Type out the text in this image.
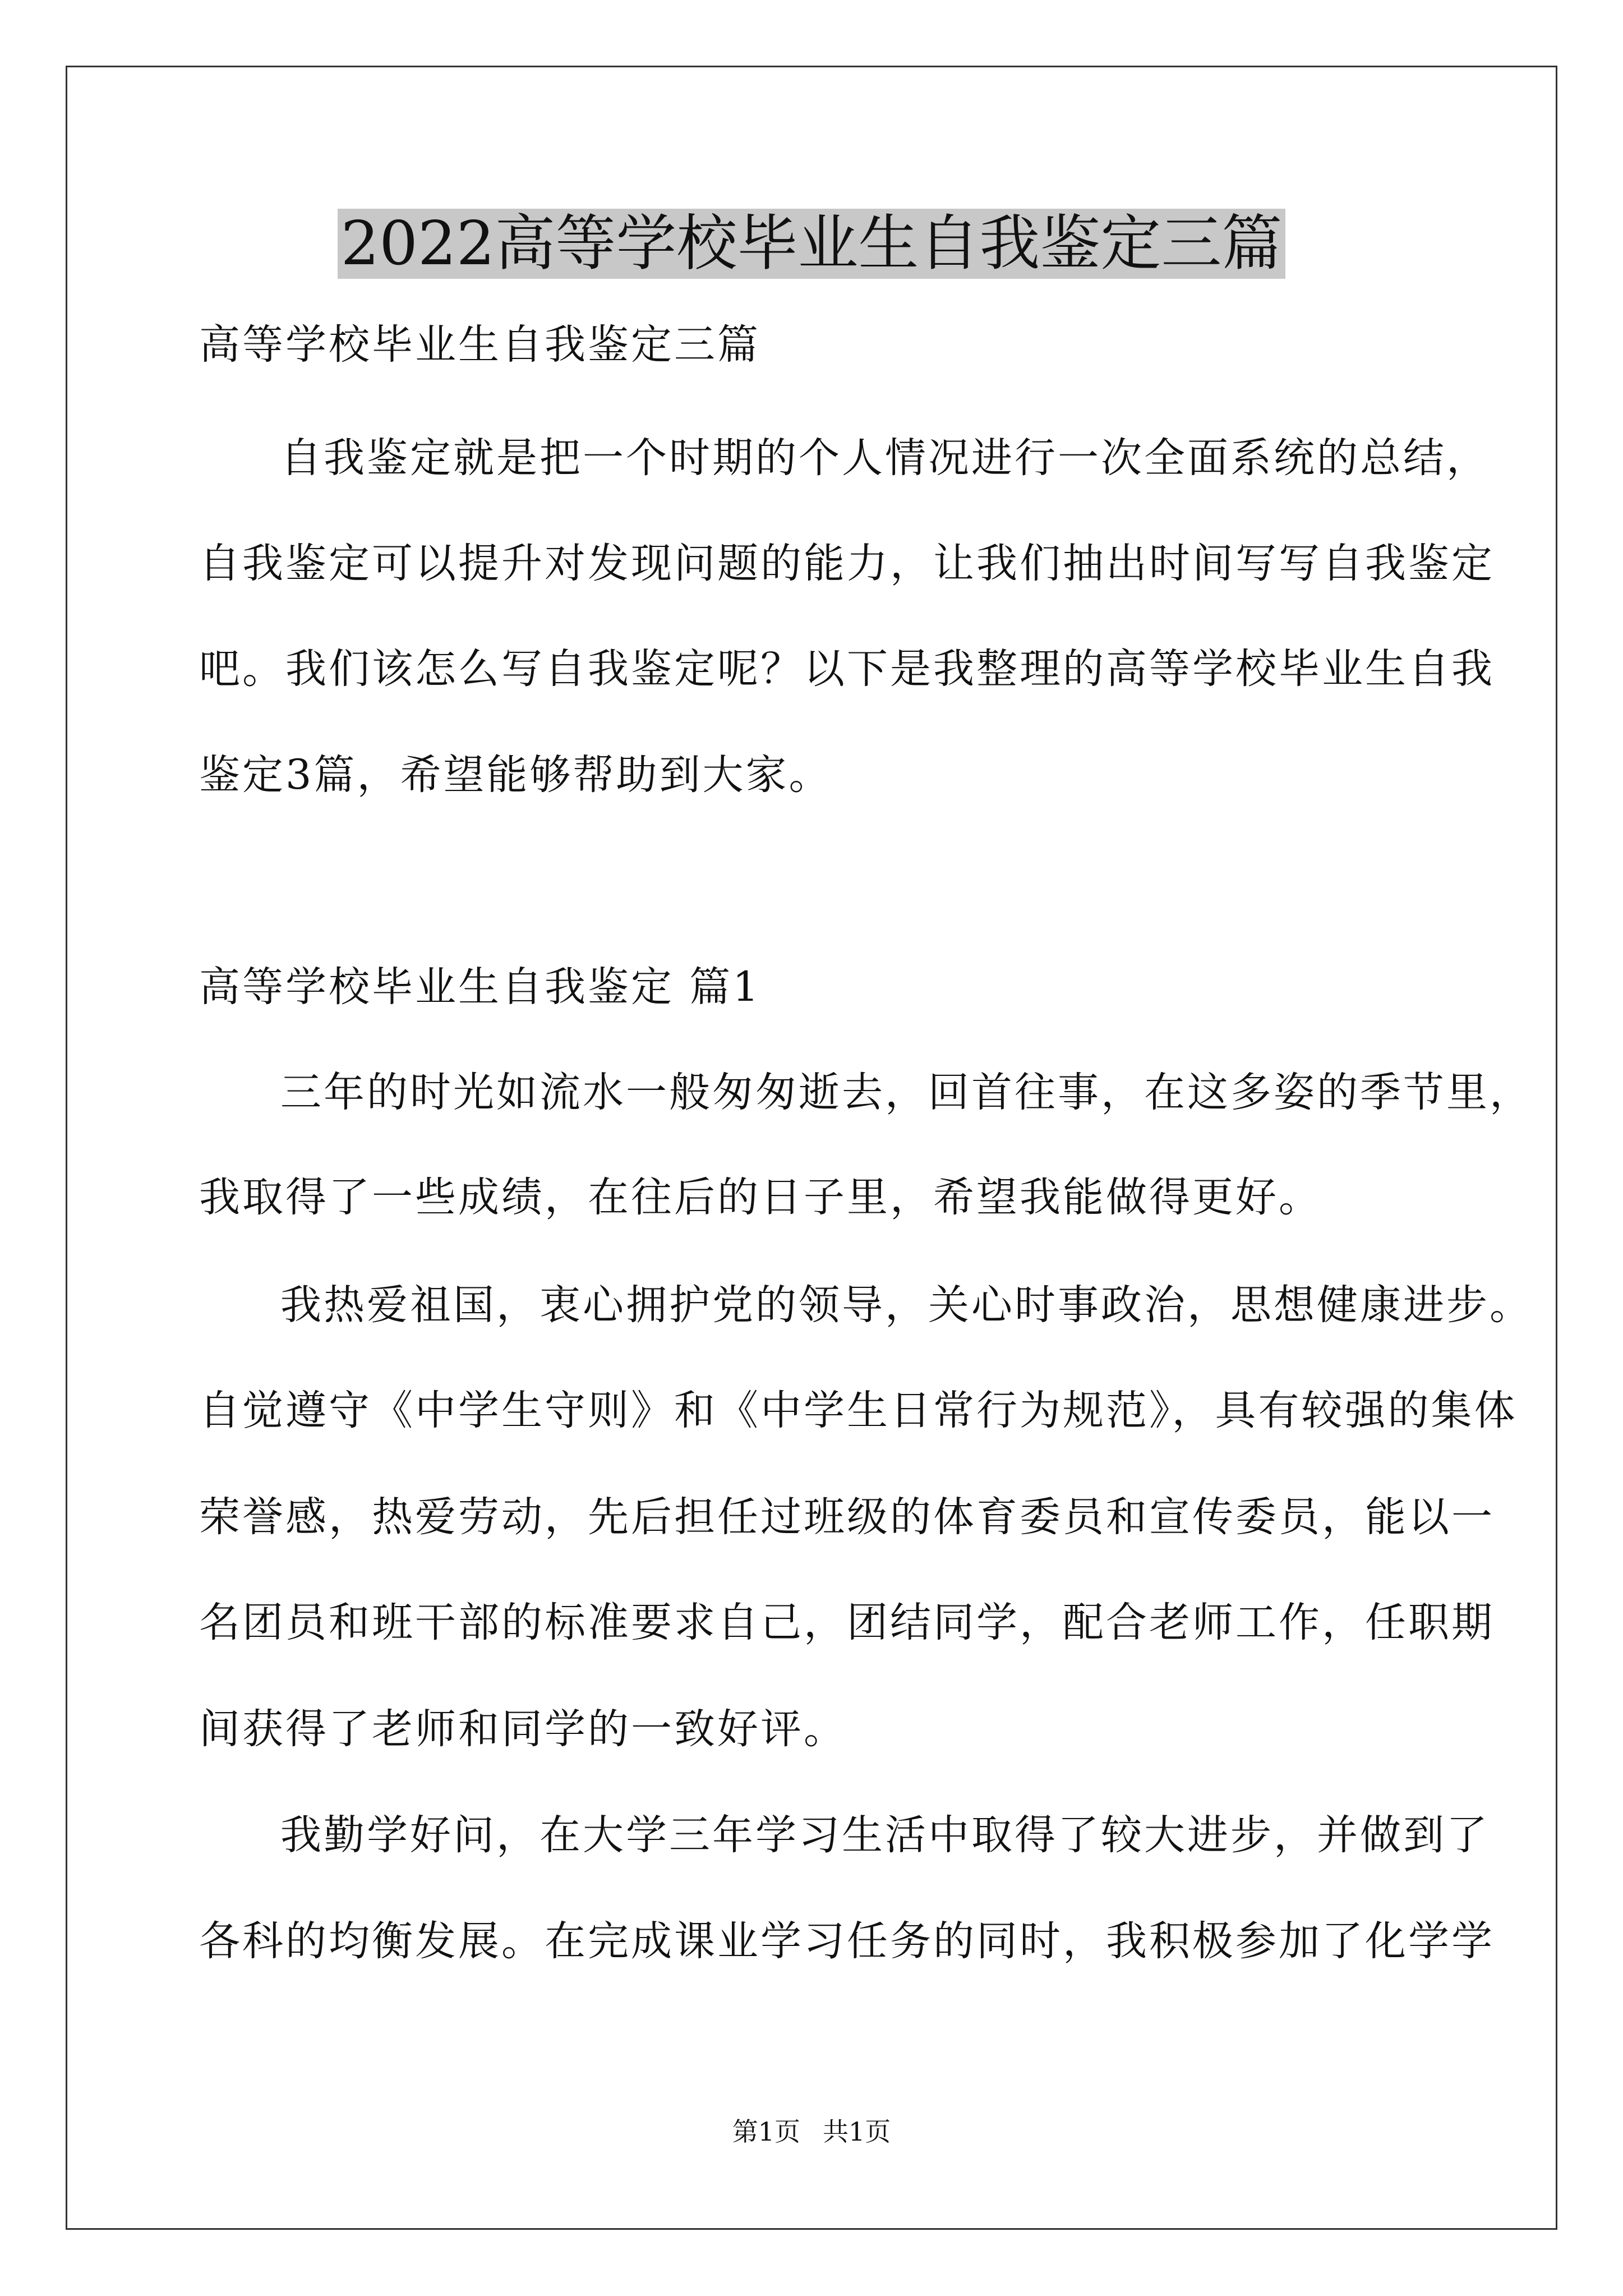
2022高等学校毕业生自我鉴定三篇
高等学校毕业生自我鉴定三篇
自我鉴定就是把一个时期的个人情况进行一次全面系统的总结，
自我鉴定可以提升对发现问题的能力，让我们抽出时间写写自我鉴定
吧。我们该怎么写自我鉴定呢？以下是我整理的高等学校毕业生自我
鉴定3篇，希望能够帮助到大家。
高等学校毕业生自我鉴定 篇1
三年的时光如流水一般匆匆逝去，回首往事，在这多姿的季节里，
我取得了一些成绩，在往后的日子里，希望我能做得更好。
我热爱祖国，衷心拥护党的领导，关心时事政治，思想健康进步。
自觉遵守《中学生守则》和《中学生日常行为规范》，具有较强的集体
荣誉感，热爱劳动，先后担任过班级的体育委员和宣传委员，能以一
名团员和班干部的标准要求自己，团结同学，配合老师工作，任职期
间获得了老师和同学的一致好评。
我勤学好问，在大学三年学习生活中取得了较大进步，并做到了
各科的均衡发展。在完成课业学习任务的同时，我积极参加了化学学
第1页 共1页
